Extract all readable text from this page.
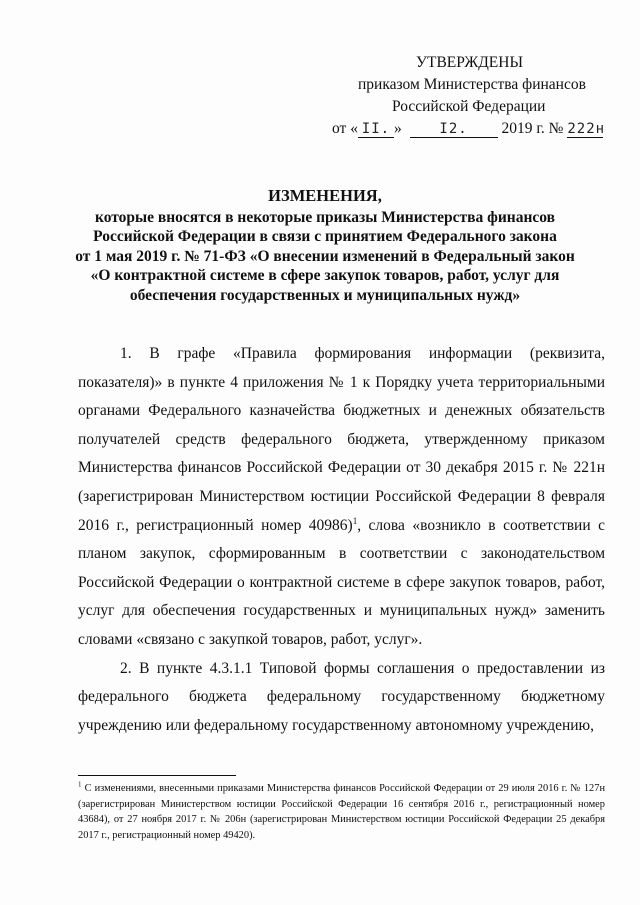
УТВЕРЖДЕНЫ
приказом Министерства финансов
Российской Федерации
от « II. »	I2. 2019 г. № 222н
ИЗМЕНЕНИЯ,
которые вносятся в некоторые приказы Министерства финансов
Российской Федерации в связи с принятием Федерального закона
от 1 мая 2019 г. № 71-ФЗ «О внесении изменений в Федеральный закон
«О контрактной системе в сфере закупок товаров, работ, услуг для
обеспечения государственных и муниципальных нужд»

1. В графе «Правила формирования информации (реквизита, показателя)» в пункте 4 приложения № 1 к Порядку учета территориальными органами Федерального казначейства бюджетных и денежных обязательств получателей средств федерального бюджета, утвержденному приказом Министерства финансов Российской Федерации от 30 декабря 2015 г. № 221н (зарегистрирован Министерством юстиции Российской Федерации 8 февраля 2016 г., регистрационный номер 40986)$^1$, слова «возникло в соответствии с планом закупок, сформированным в соответствии с законодательством Российской Федерации о контрактной системе в сфере закупок товаров, работ, услуг для обеспечения государственных и муниципальных нужд» заменить словами «связано с закупкой товаров, работ, услуг».

2. В пункте 4.3.1.1 Типовой формы соглашения о предоставлении из федерального бюджета федеральному государственному бюджетному учреждению или федеральному государственному автономному учреждению,

$^1$ С изменениями, внесенными приказами Министерства финансов Российской Федерации от 29 июля 2016 г. № 127н (зарегистрирован Министерством юстиции Российской Федерации 16 сентября 2016 г., регистрационный номер 43684), от 27 ноября 2017 г. № 206н (зарегистрирован Министерством юстиции Российской Федерации 25 декабря 2017 г., регистрационный номер 49420).
